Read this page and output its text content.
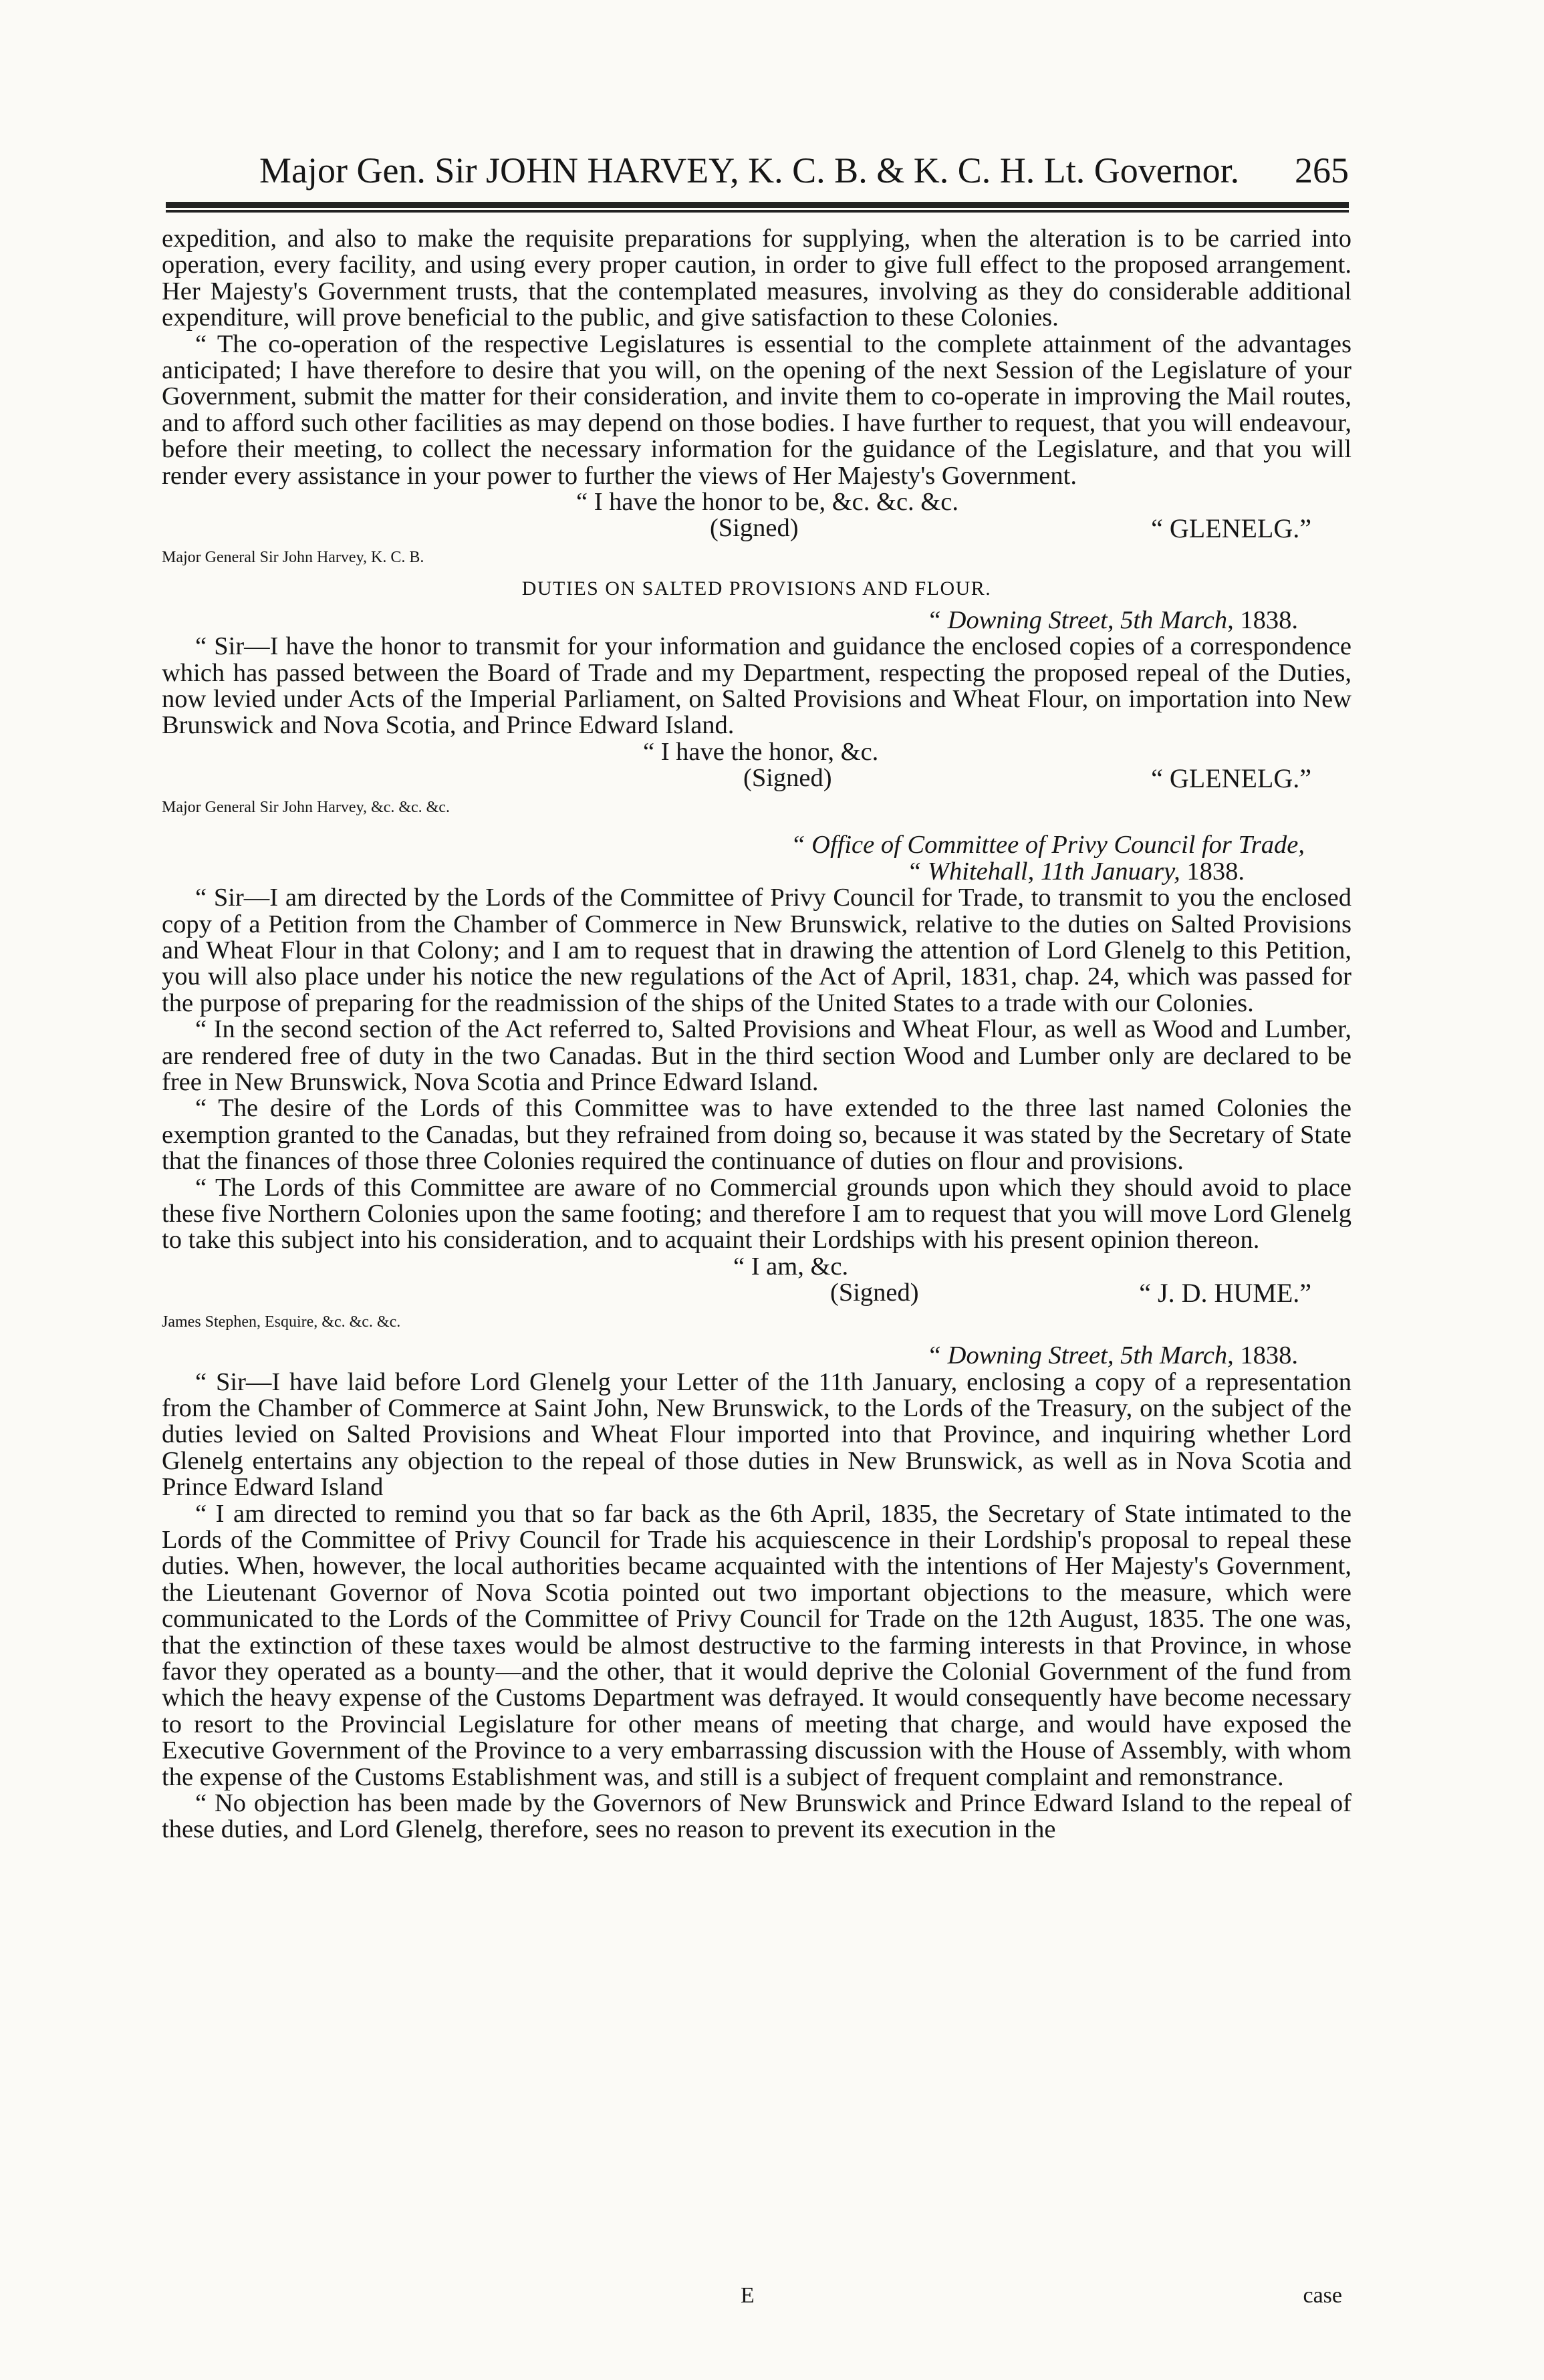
Major Gen. Sir JOHN HARVEY, K. C. B. & K. C. H. Lt. Governor. 265

expedition, and also to make the requisite preparations for supplying, when the alteration is to be carried into operation, every facility, and using every proper caution, in order to give full effect to the proposed arrangement. Her Majesty's Government trusts, that the contemplated measures, involving as they do considerable additional expenditure, will prove beneficial to the public, and give satisfaction to these Colonies.

“ The co-operation of the respective Legislatures is essential to the complete attainment of the advantages anticipated; I have therefore to desire that you will, on the opening of the next Session of the Legislature of your Government, submit the matter for their consideration, and invite them to co-operate in improving the Mail routes, and to afford such other facilities as may depend on those bodies. I have further to request, that you will endeavour, before their meeting, to collect the necessary information for the guidance of the Legislature, and that you will render every assistance in your power to further the views of Her Majesty's Government.

“ I have the honor to be, &c. &c. &c.
(Signed)	“ GLENELG.”
Major General Sir John Harvey, K. C. B.
DUTIES ON SALTED PROVISIONS AND FLOUR.
“ Downing Street, 5th March, 1838.

“ Sir—I have the honor to transmit for your information and guidance the enclosed copies of a correspondence which has passed between the Board of Trade and my Department, respecting the proposed repeal of the Duties, now levied under Acts of the Imperial Parliament, on Salted Provisions and Wheat Flour, on importation into New Brunswick and Nova Scotia, and Prince Edward Island.

“ I have the honor, &c.
(Signed)	“ GLENELG.”
Major General Sir John Harvey, &c. &c. &c.
“ Office of Committee of Privy Council for Trade,
“ Whitehall, 11th January, 1838.

“ Sir—I am directed by the Lords of the Committee of Privy Council for Trade, to transmit to you the enclosed copy of a Petition from the Chamber of Commerce in New Brunswick, relative to the duties on Salted Provisions and Wheat Flour in that Colony; and I am to request that in drawing the attention of Lord Glenelg to this Petition, you will also place under his notice the new regulations of the Act of April, 1831, chap. 24, which was passed for the purpose of preparing for the readmission of the ships of the United States to a trade with our Colonies.

“ In the second section of the Act referred to, Salted Provisions and Wheat Flour, as well as Wood and Lumber, are rendered free of duty in the two Canadas. But in the third section Wood and Lumber only are declared to be free in New Brunswick, Nova Scotia and Prince Edward Island.

“ The desire of the Lords of this Committee was to have extended to the three last named Colonies the exemption granted to the Canadas, but they refrained from doing so, because it was stated by the Secretary of State that the finances of those three Colonies required the continuance of duties on flour and provisions.

“ The Lords of this Committee are aware of no Commercial grounds upon which they should avoid to place these five Northern Colonies upon the same footing; and therefore I am to request that you will move Lord Glenelg to take this subject into his consideration, and to acquaint their Lordships with his present opinion thereon.

“ I am, &c.
(Signed)	“ J. D. HUME.”
James Stephen, Esquire, &c. &c. &c.
“ Downing Street, 5th March, 1838.

“ Sir—I have laid before Lord Glenelg your Letter of the 11th January, enclosing a copy of a representation from the Chamber of Commerce at Saint John, New Brunswick, to the Lords of the Treasury, on the subject of the duties levied on Salted Provisions and Wheat Flour imported into that Province, and inquiring whether Lord Glenelg entertains any objection to the repeal of those duties in New Brunswick, as well as in Nova Scotia and Prince Edward Island

“ I am directed to remind you that so far back as the 6th April, 1835, the Secretary of State intimated to the Lords of the Committee of Privy Council for Trade his acquiescence in their Lordship's proposal to repeal these duties. When, however, the local authorities became acquainted with the intentions of Her Majesty's Government, the Lieutenant Governor of Nova Scotia pointed out two important objections to the measure, which were communicated to the Lords of the Committee of Privy Council for Trade on the 12th August, 1835. The one was, that the extinction of these taxes would be almost destructive to the farming interests in that Province, in whose favor they operated as a bounty—and the other, that it would deprive the Colonial Government of the fund from which the heavy expense of the Customs Department was defrayed. It would consequently have become necessary to resort to the Provincial Legislature for other means of meeting that charge, and would have exposed the Executive Government of the Province to a very embarrassing discussion with the House of Assembly, with whom the expense of the Customs Establishment was, and still is a subject of frequent complaint and remonstrance.

“ No objection has been made by the Governors of New Brunswick and Prince Edward Island to the repeal of these duties, and Lord Glenelg, therefore, sees no reason to prevent its execution in the

E	case
